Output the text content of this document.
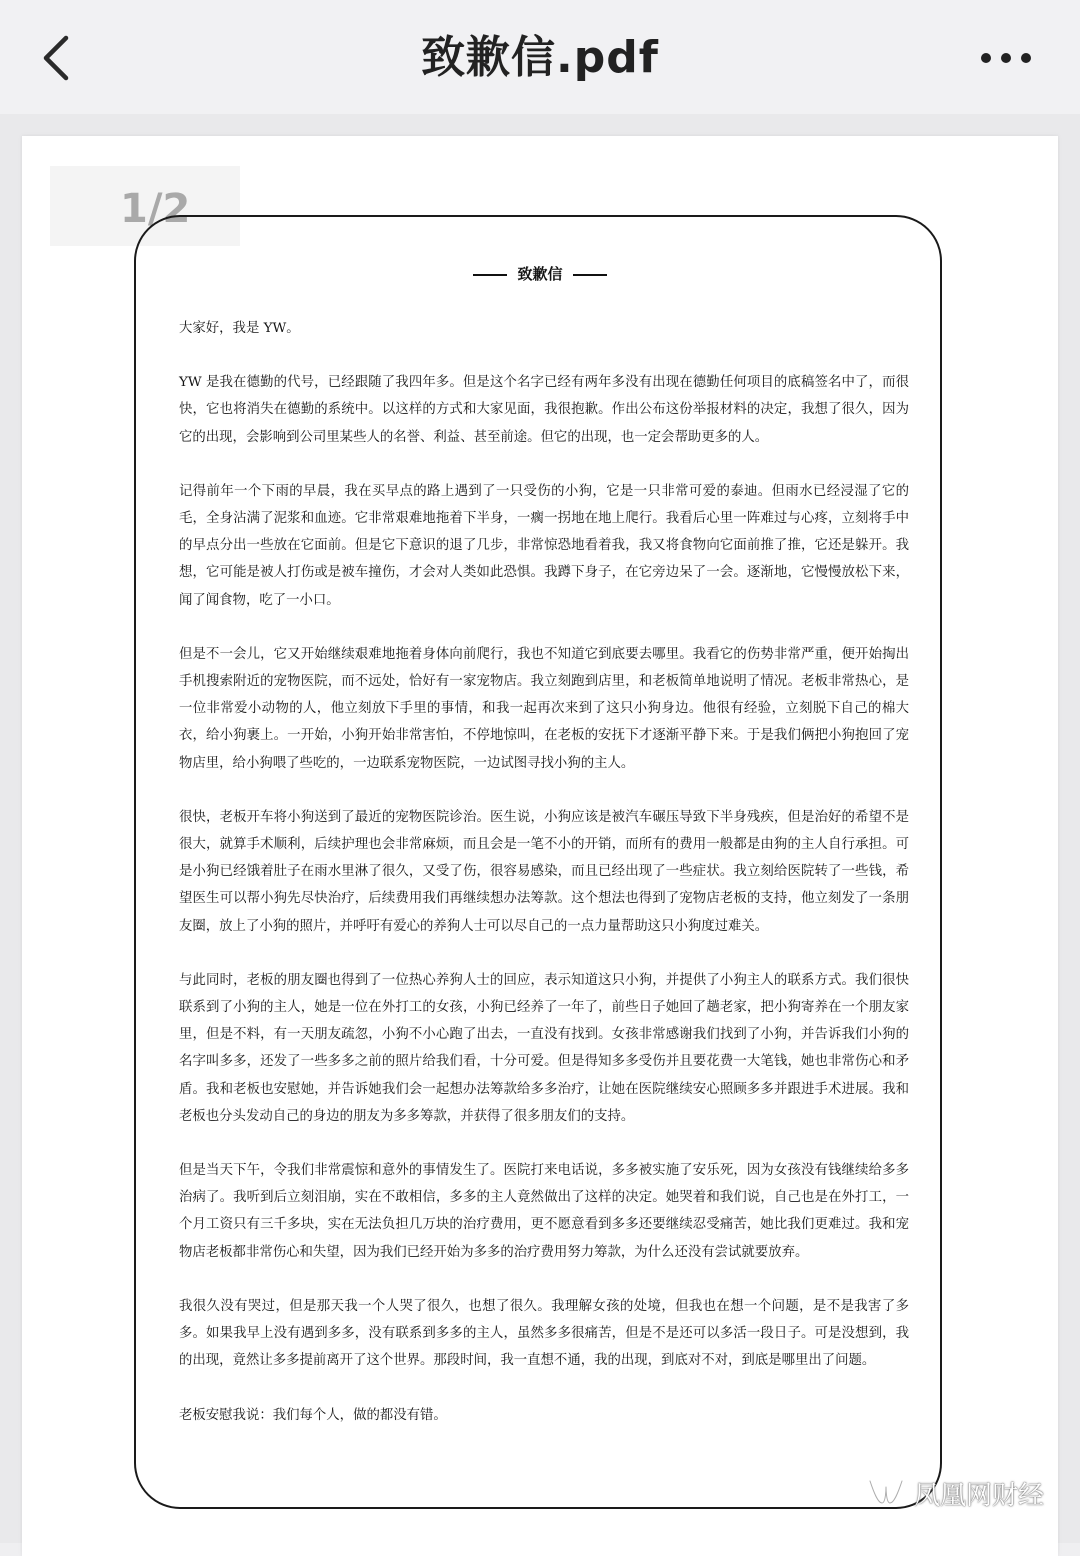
致歉信.pdf
1/2
致歉信

大家好，我是 YW。

YW 是我在德勤的代号，已经跟随了我四年多。但是这个名字已经有两年多没有出现在德勤任何项目的底稿签名中了，而很快，它也将消失在德勤的系统中。以这样的方式和大家见面，我很抱歉。作出公布这份举报材料的决定，我想了很久，因为它的出现，会影响到公司里某些人的名誉、利益、甚至前途。但它的出现，也一定会帮助更多的人。

记得前年一个下雨的早晨，我在买早点的路上遇到了一只受伤的小狗，它是一只非常可爱的泰迪。但雨水已经浸湿了它的毛，全身沾满了泥浆和血迹。它非常艰难地拖着下半身，一瘸一拐地在地上爬行。我看后心里一阵难过与心疼，立刻将手中的早点分出一些放在它面前。但是它下意识的退了几步，非常惊恐地看着我，我又将食物向它面前推了推，它还是躲开。我想，它可能是被人打伤或是被车撞伤，才会对人类如此恐惧。我蹲下身子，在它旁边呆了一会。逐渐地，它慢慢放松下来，闻了闻食物，吃了一小口。

但是不一会儿，它又开始继续艰难地拖着身体向前爬行，我也不知道它到底要去哪里。我看它的伤势非常严重，便开始掏出手机搜索附近的宠物医院，而不远处，恰好有一家宠物店。我立刻跑到店里，和老板简单地说明了情况。老板非常热心，是一位非常爱小动物的人，他立刻放下手里的事情，和我一起再次来到了这只小狗身边。他很有经验，立刻脱下自己的棉大衣，给小狗裹上。一开始，小狗开始非常害怕，不停地惊叫，在老板的安抚下才逐渐平静下来。于是我们俩把小狗抱回了宠物店里，给小狗喂了些吃的，一边联系宠物医院，一边试图寻找小狗的主人。

很快，老板开车将小狗送到了最近的宠物医院诊治。医生说，小狗应该是被汽车碾压导致下半身残疾，但是治好的希望不是很大，就算手术顺利，后续护理也会非常麻烦，而且会是一笔不小的开销，而所有的费用一般都是由狗的主人自行承担。可是小狗已经饿着肚子在雨水里淋了很久，又受了伤，很容易感染，而且已经出现了一些症状。我立刻给医院转了一些钱，希望医生可以帮小狗先尽快治疗，后续费用我们再继续想办法筹款。这个想法也得到了宠物店老板的支持，他立刻发了一条朋友圈，放上了小狗的照片，并呼吁有爱心的养狗人士可以尽自己的一点力量帮助这只小狗度过难关。

与此同时，老板的朋友圈也得到了一位热心养狗人士的回应，表示知道这只小狗，并提供了小狗主人的联系方式。我们很快联系到了小狗的主人，她是一位在外打工的女孩，小狗已经养了一年了，前些日子她回了趟老家，把小狗寄养在一个朋友家里，但是不料，有一天朋友疏忽，小狗不小心跑了出去，一直没有找到。女孩非常感谢我们找到了小狗，并告诉我们小狗的名字叫多多，还发了一些多多之前的照片给我们看，十分可爱。但是得知多多受伤并且要花费一大笔钱，她也非常伤心和矛盾。我和老板也安慰她，并告诉她我们会一起想办法筹款给多多治疗，让她在医院继续安心照顾多多并跟进手术进展。我和老板也分头发动自己的身边的朋友为多多筹款，并获得了很多朋友们的支持。

但是当天下午，令我们非常震惊和意外的事情发生了。医院打来电话说，多多被实施了安乐死，因为女孩没有钱继续给多多治病了。我听到后立刻泪崩，实在不敢相信，多多的主人竟然做出了这样的决定。她哭着和我们说，自己也是在外打工，一个月工资只有三千多块，实在无法负担几万块的治疗费用，更不愿意看到多多还要继续忍受痛苦，她比我们更难过。我和宠物店老板都非常伤心和失望，因为我们已经开始为多多的治疗费用努力筹款，为什么还没有尝试就要放弃。

我很久没有哭过，但是那天我一个人哭了很久，也想了很久。我理解女孩的处境，但我也在想一个问题，是不是我害了多多。如果我早上没有遇到多多，没有联系到多多的主人，虽然多多很痛苦，但是不是还可以多活一段日子。可是没想到，我的出现，竟然让多多提前离开了这个世界。那段时间，我一直想不通，我的出现，到底对不对，到底是哪里出了问题。

老板安慰我说：我们每个人，做的都没有错。

凤凰网财经
